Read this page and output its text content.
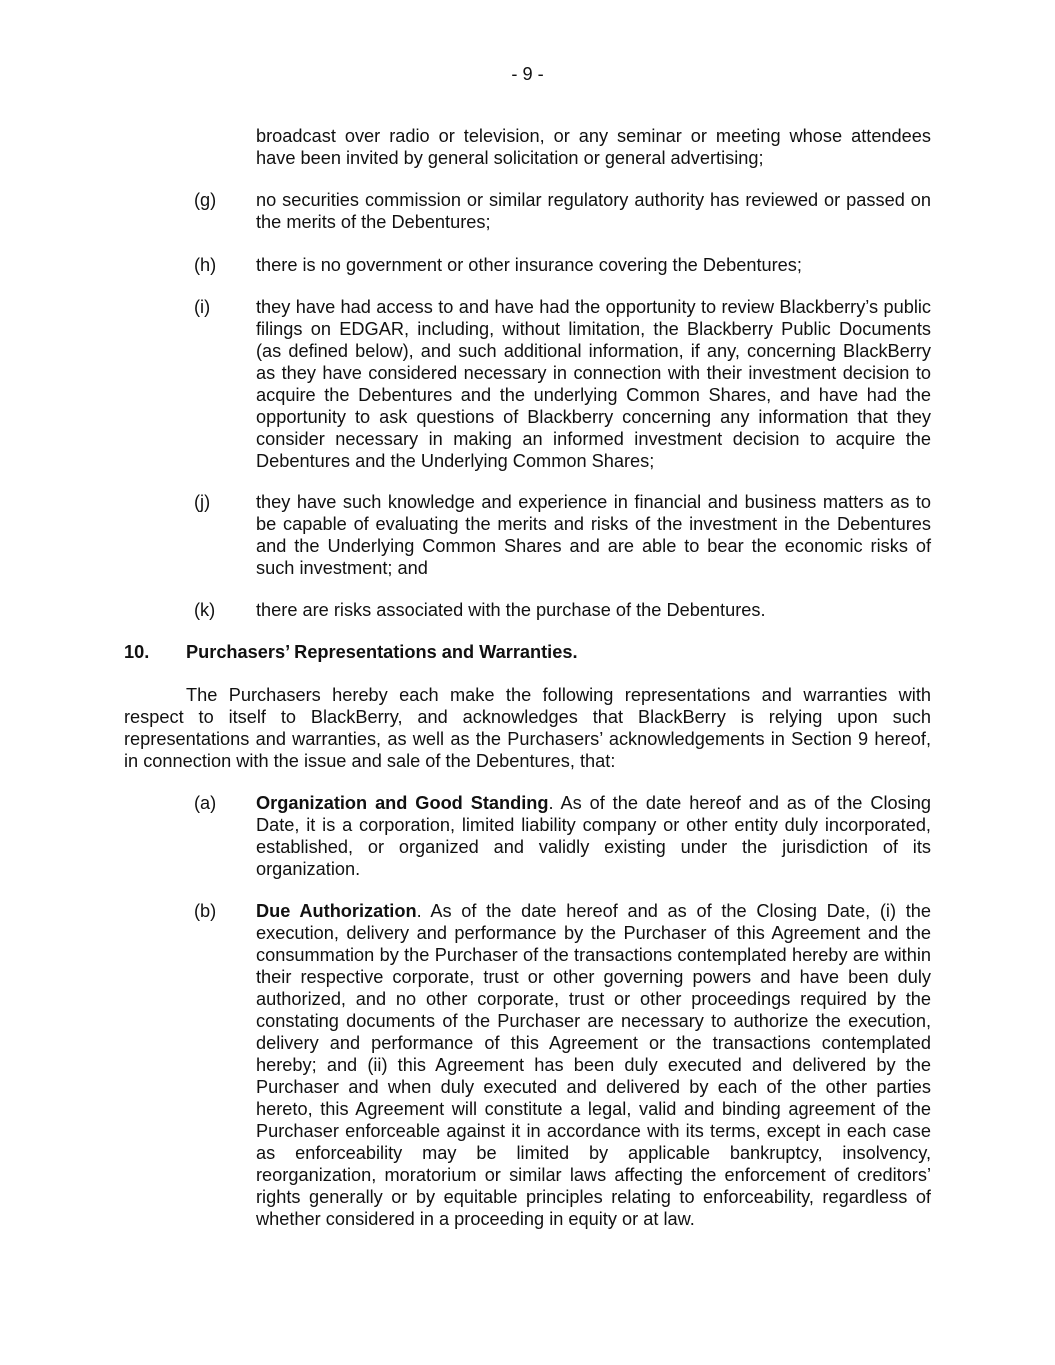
- 9 -
broadcast over radio or television, or any seminar or meeting whose attendees have been invited by general solicitation or general advertising;
(g) no securities commission or similar regulatory authority has reviewed or passed on the merits of the Debentures;
(h) there is no government or other insurance covering the Debentures;
(i)	they have had access to and have had the opportunity to review Blackberry’s public filings on EDGAR, including, without limitation, the Blackberry Public Documents (as defined below), and such additional information, if any, concerning BlackBerry as they have considered necessary in connection with their investment decision to acquire the Debentures and the underlying Common Shares, and have had the opportunity to ask questions of Blackberry concerning any information that they consider necessary in making an informed investment decision to acquire the Debentures and the Underlying Common Shares;
(j)	they have such knowledge and experience in financial and business matters as to be capable of evaluating the merits and risks of the investment in the Debentures and the Underlying Common Shares and are able to bear the economic risks of such investment; and
(k) there are risks associated with the purchase of the Debentures.
10. Purchasers’ Representations and Warranties.
The Purchasers hereby each make the following representations and warranties with respect to itself to BlackBerry, and acknowledges that BlackBerry is relying upon such representations and warranties, as well as the Purchasers’ acknowledgements in Section 9 hereof, in connection with the issue and sale of the Debentures, that:
(a) Organization and Good Standing. As of the date hereof and as of the Closing Date, it is a corporation, limited liability company or other entity duly incorporated, established, or organized and validly existing under the jurisdiction of its organization.
(b) Due Authorization. As of the date hereof and as of the Closing Date, (i) the execution, delivery and performance by the Purchaser of this Agreement and the consummation by the Purchaser of the transactions contemplated hereby are within their respective corporate, trust or other governing powers and have been duly authorized, and no other corporate, trust or other proceedings required by the constating documents of the Purchaser are necessary to authorize the execution, delivery and performance of this Agreement or the transactions contemplated hereby; and (ii) this Agreement has been duly executed and delivered by the Purchaser and when duly executed and delivered by each of the other parties hereto, this Agreement will constitute a legal, valid and binding agreement of the Purchaser enforceable against it in accordance with its terms, except in each case as enforceability may be limited by applicable bankruptcy, insolvency, reorganization, moratorium or similar laws affecting the enforcement of creditors’ rights generally or by equitable principles relating to enforceability, regardless of whether considered in a proceeding in equity or at law.
